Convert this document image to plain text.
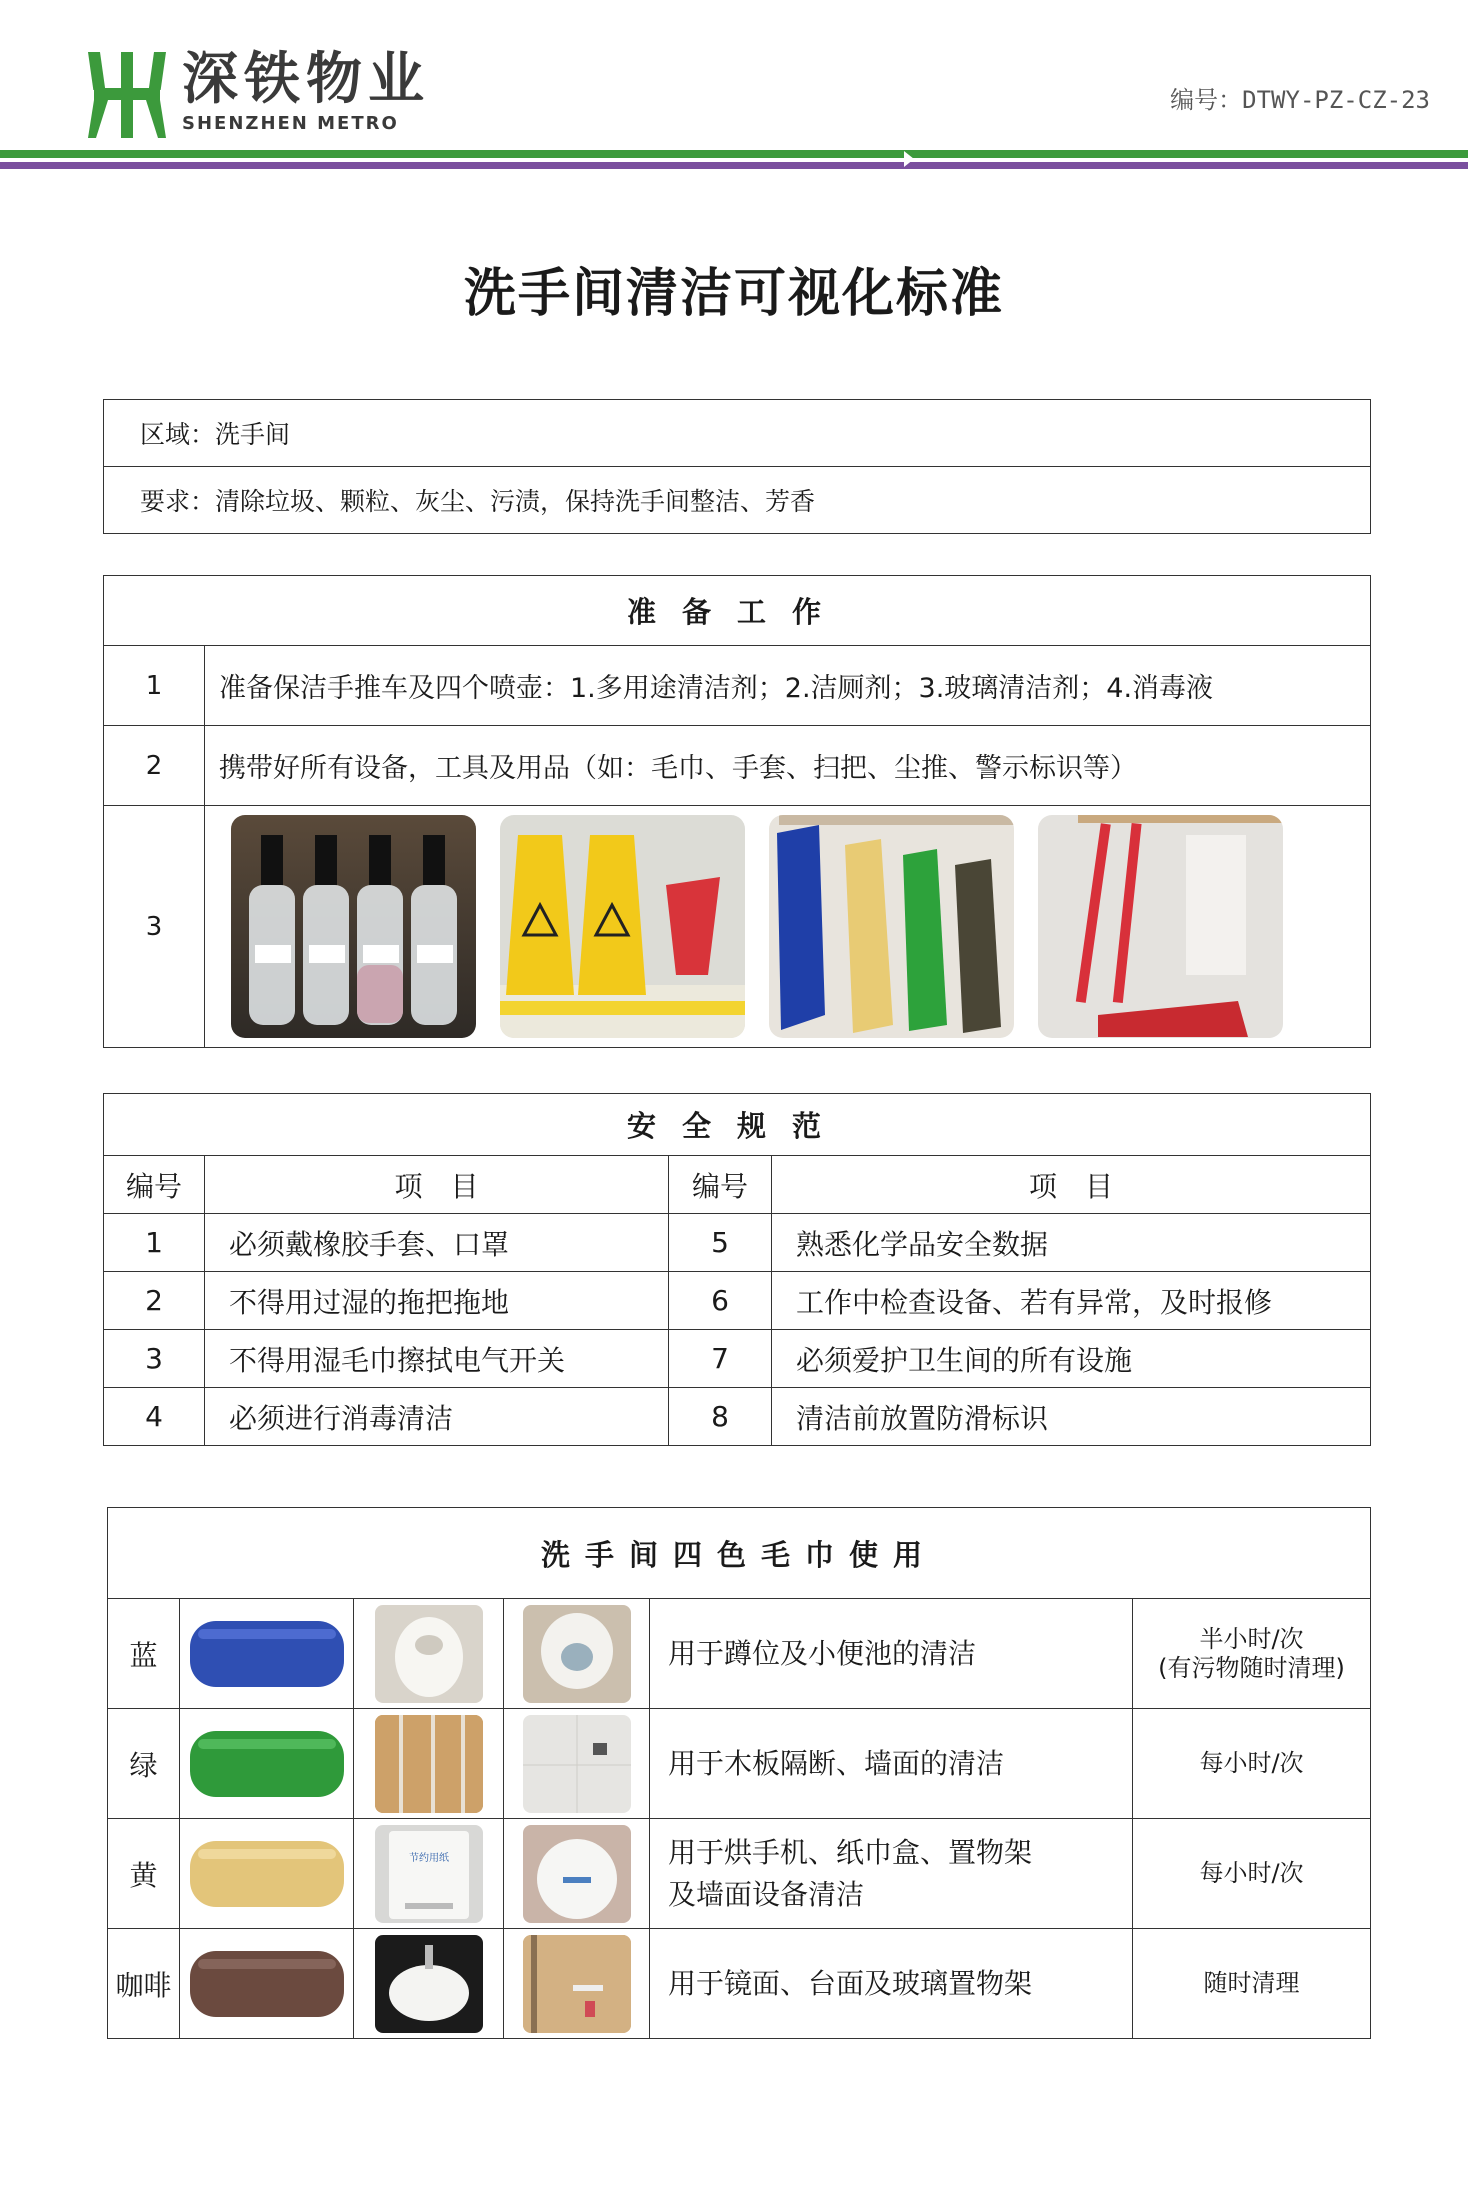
深铁物业
SHENZHEN METRO
编号：DTWY-PZ-CZ-23
洗手间清洁可视化标准
区域：洗手间
要求：清除垃圾、颗粒、灰尘、污渍，保持洗手间整洁、芳香
准备工作	
1	准备保洁手推车及四个喷壶：1.多用途清洁剂；2.洁厕剂；3.玻璃清洁剂；4.消毒液
2	携带好所有设备，工具及用品（如：毛巾、手套、扫把、尘推、警示标识等）
3	
安全规范			
编号	项　目	编号	项　目
1	必须戴橡胶手套、口罩	5	熟悉化学品安全数据
2	不得用过湿的拖把拖地	6	工作中检查设备、若有异常，及时报修
3	不得用湿毛巾擦拭电气开关	7	必须爱护卫生间的所有设施
4	必须进行消毒清洁	8	清洁前放置防滑标识
洗手间四色毛巾使用					
蓝				用于蹲位及小便池的清洁	半小时/次
(有污物随时清理)

绿				用于木板隔断、墙面的清洁	每小时/次
黄		节约用纸		用于烘手机、纸巾盒、置物架
及墙面设备清洁	每小时/次
咖啡				用于镜面、台面及玻璃置物架	随时清理
